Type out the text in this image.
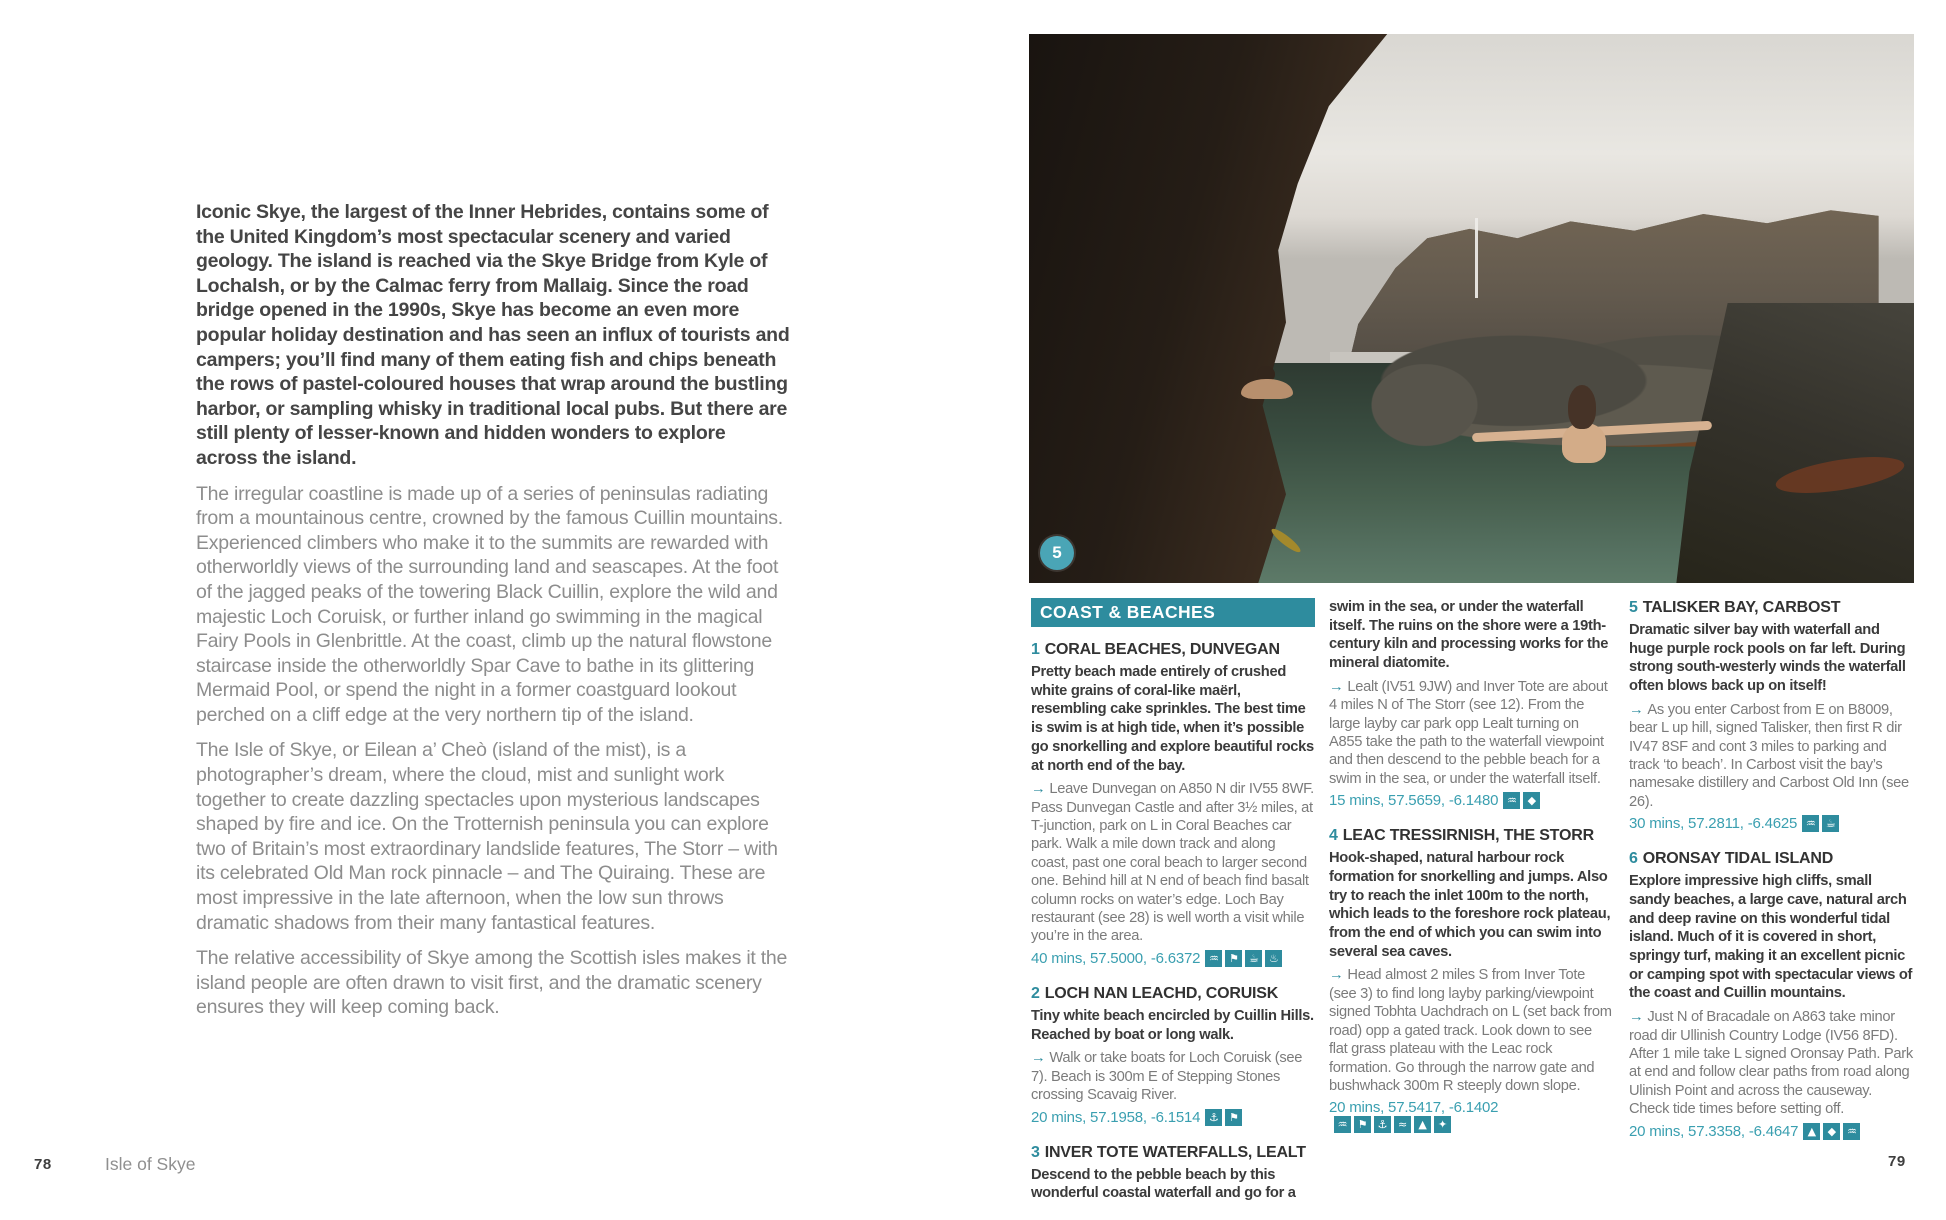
Iconic Skye, the largest of the Inner Hebrides, contains some of the United Kingdom’s most spectacular scenery and varied geology. The island is reached via the Skye Bridge from Kyle of Lochalsh, or by the Calmac ferry from Mallaig. Since the road bridge opened in the 1990s, Skye has become an even more popular holiday destination and has seen an influx of tourists and campers; you’ll find many of them eating fish and chips beneath the rows of pastel-coloured houses that wrap around the bustling harbor, or sampling whisky in traditional local pubs. But there are still plenty of lesser-known and hidden wonders to explore across the island.

The irregular coastline is made up of a series of peninsulas radiating from a mountainous centre, crowned by the famous Cuillin mountains. Experienced climbers who make it to the summits are rewarded with otherworldly views of the surrounding land and seascapes. At the foot of the jagged peaks of the towering Black Cuillin, explore the wild and majestic Loch Coruisk, or further inland go swimming in the magical Fairy Pools in Glenbrittle. At the coast, climb up the natural flowstone staircase inside the otherworldly Spar Cave to bathe in its glittering Mermaid Pool, or spend the night in a former coastguard lookout perched on a cliff edge at the very northern tip of the island.

The Isle of Skye, or Eilean a’ Cheò (island of the mist), is a photographer’s dream, where the cloud, mist and sunlight work together to create dazzling spectacles upon mysterious landscapes shaped by fire and ice. On the Trotternish peninsula you can explore two of Britain’s most extraordinary landslide features, The Storr – with its celebrated Old Man rock pinnacle – and The Quiraing. These are most impressive in the late afternoon, when the low sun throws dramatic shadows from their many fantastical features.

The relative accessibility of Skye among the Scottish isles makes it the island people are often drawn to visit first, and the dramatic scenery ensures they will keep coming back.

78	Isle of Skye	79
5
COAST & BEACHES
1 CORAL BEACHES, DUNVEGAN

Pretty beach made entirely of crushed white grains of coral-like maërl, resembling cake sprinkles. The best time is swim is at high tide, when it’s possible go snorkelling and explore beautiful rocks at north end of the bay.

→ Leave Dunvegan on A850 N dir IV55 8WF. Pass Dunvegan Castle and after 3½ miles, at T-junction, park on L in Coral Beaches car park. Walk a mile down track and along coast, past one coral beach to larger second one. Behind hill at N end of beach find basalt column rocks on water’s edge. Loch Bay restaurant (see 28) is well worth a visit while you’re in the area.

40 mins, 57.5000, -6.6372 ♒ ⚑ ☕ ♨

2 LOCH NAN LEACHD, CORUISK

Tiny white beach encircled by Cuillin Hills. Reached by boat or long walk.

→ Walk or take boats for Loch Coruisk (see 7). Beach is 300m E of Stepping Stones crossing Scavaig River.

20 mins, 57.1958, -6.1514 ⚓ ⚑

3 INVER TOTE WATERFALLS, LEALT

Descend to the pebble beach by this wonderful coastal waterfall and go for a

swim in the sea, or under the waterfall itself. The ruins on the shore were a 19th-century kiln and processing works for the mineral diatomite.

→ Lealt (IV51 9JW) and Inver Tote are about 4 miles N of The Storr (see 12). From the large layby car park opp Lealt turning on A855 take the path to the waterfall viewpoint and then descend to the pebble beach for a swim in the sea, or under the waterfall itself.

15 mins, 57.5659, -6.1480 ♒	◆

4 LEAC TRESSIRNISH, THE STORR

Hook-shaped, natural harbour rock formation for snorkelling and jumps. Also try to reach the inlet 100m to the north, which leads to the foreshore rock plateau, from the end of which you can swim into several sea caves.

→ Head almost 2 miles S from Inver Tote (see 3) to find long layby parking/viewpoint signed Tobhta Uachdrach on L (set back from road) opp a gated track. Look down to see flat grass plateau with the Leac rock formation. Go through the narrow gate and bushwhack 300m R steeply down slope.

20 mins, 57.5417, -6.1402
♒ ⚑ ⚓ ≈	▲	✦

5 TALISKER BAY, CARBOST

Dramatic silver bay with waterfall and huge purple rock pools on far left. During strong south-westerly winds the waterfall often blows back up on itself!

→ As you enter Carbost from E on B8009, bear L up hill, signed Talisker, then first R dir IV47 8SF and cont 3 miles to parking and track ‘to beach’. In Carbost visit the bay’s namesake distillery and Carbost Old Inn (see 26).

30 mins, 57.2811, -6.4625 ♒ ☕

6 ORONSAY TIDAL ISLAND

Explore impressive high cliffs, small sandy beaches, a large cave, natural arch and deep ravine on this wonderful tidal island. Much of it is covered in short, springy turf, making it an excellent picnic or camping spot with spectacular views of the coast and Cuillin mountains.

→ Just N of Bracadale on A863 take minor road dir Ullinish Country Lodge (IV56 8FD). After 1 mile take L signed Oronsay Path. Park at end and follow clear paths from road along Ulinish Point and across the causeway. Check tide times before setting off.

20 mins, 57.3358, -6.4647 ▲	◆	♒
